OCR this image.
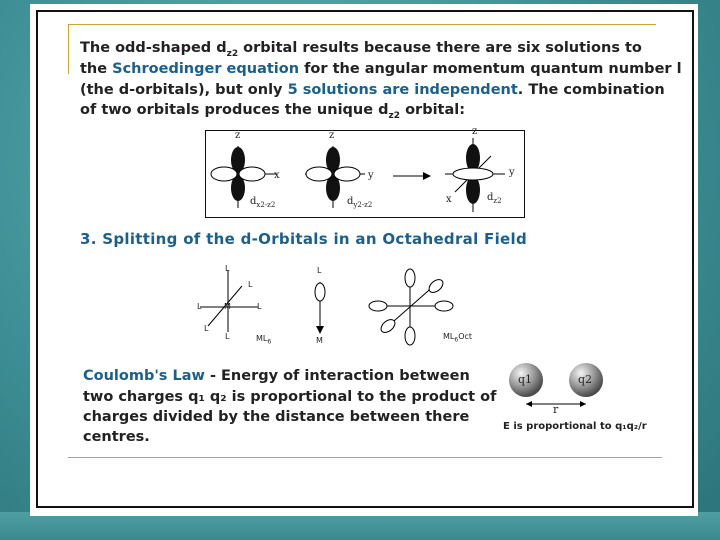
The odd-shaped $d_{z2}$ orbital results because there are six solutions to
the Schroedinger equation for the angular momentum quantum number l
(the d-orbitals), but only 5 solutions are independent. The combination
of two orbitals produces the unique $d_{z2}$ orbital:
z
x
$d_{x2-z2}$
z
y
$d_{y2-z2}$
z
y
x	$d_{z2}$
3. Splitting of the d-Orbitals in an Octahedral Field
L
L
L	M	L
L
L	$ML_6$
L
M	$ML_6Oct$
Coulomb's Law - Energy of interaction between
two charges q₁ q₂ is proportional to the product of
charges divided by the distance between there
centres.
q1	q2
r
E is proportional to q₁q₂/r
